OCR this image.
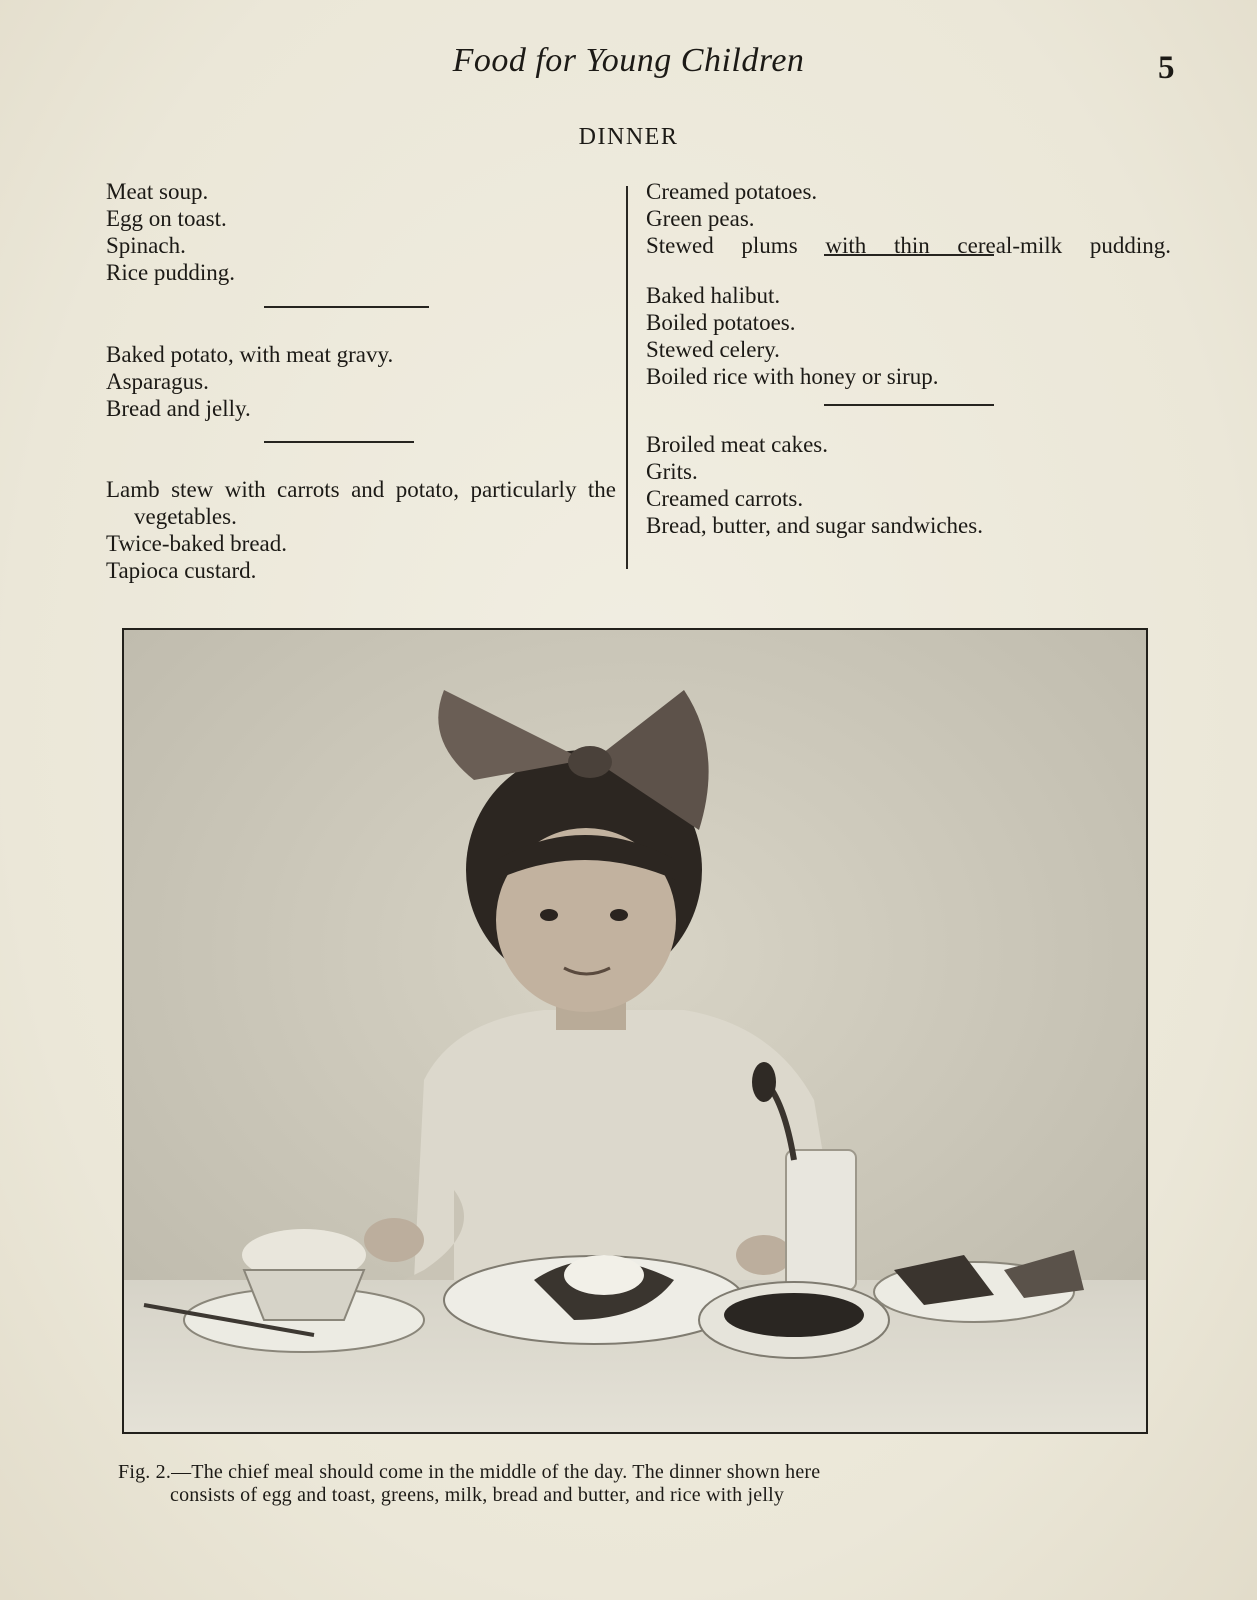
Food for Young Children	5
DINNER
Meat soup.
Egg on toast.
Spinach.
Rice pudding.
Baked potato, with meat gravy.
Asparagus.
Bread and jelly.
Lamb stew with carrots and potato, particularly the vegetables.
Twice-baked bread.
Tapioca custard.
Creamed potatoes.
Green peas.
Stewed plums with thin cereal-milk pudding.
Baked halibut.
Boiled potatoes.
Stewed celery.
Boiled rice with honey or sirup.
Broiled meat cakes.
Grits.
Creamed carrots.
Bread, butter, and sugar sandwiches.
Fig. 2.—The chief meal should come in the middle of the day. The dinner shown here
consists of egg and toast, greens, milk, bread and butter, and rice with jelly
